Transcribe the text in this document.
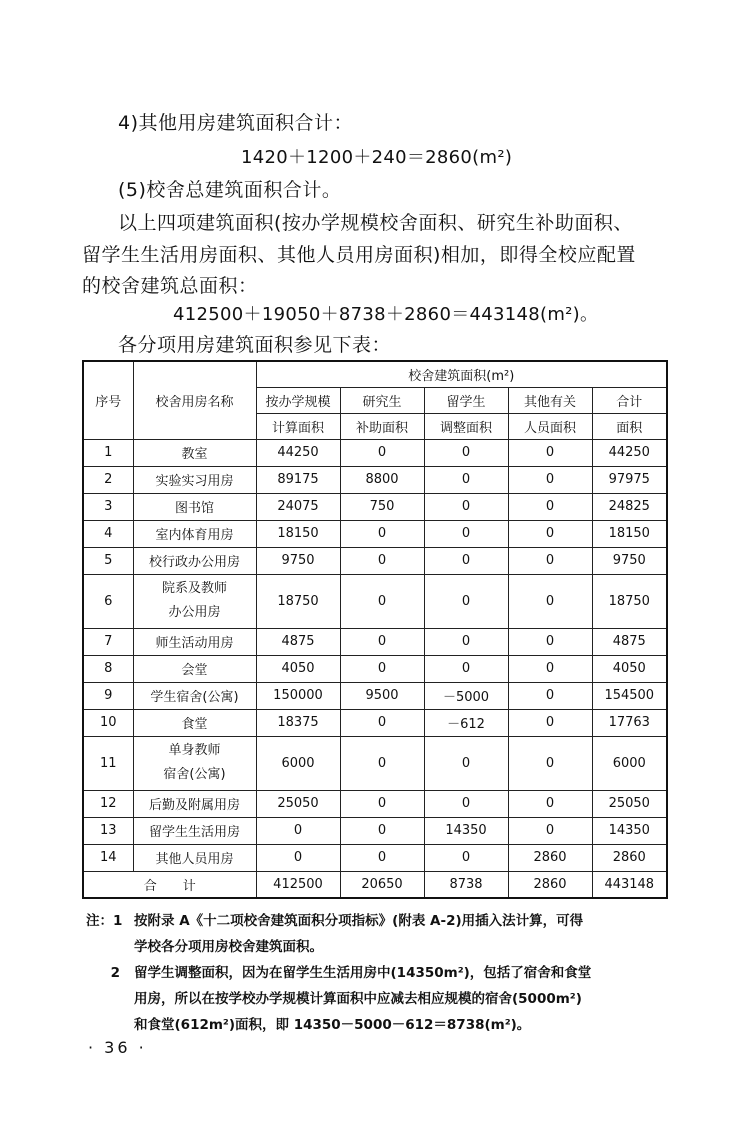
4)其他用房建筑面积合计：
1420＋1200＋240＝2860(m²)
(5)校舍总建筑面积合计。
以上四项建筑面积(按办学规模校舍面积、研究生补助面积、
留学生生活用房面积、其他人员用房面积)相加，即得全校应配置
的校舍建筑总面积：
412500＋19050＋8738＋2860＝443148(m²)。
各分项用房建筑面积参见下表：
序号	校舍用房名称	校舍建筑面积(m²)				
		按办学规模	研究生	留学生	其他有关	合计
		计算面积	补助面积	调整面积	人员面积	面积
1	教室	44250	0	0	0	44250
2	实验实习用房	89175	8800	0	0	97975
3	图书馆	24075	750	0	0	24825
4	室内体育用房	18150	0	0	0	18150
5	校行政办公用房	9750	0	0	0	9750
6	院系及教师
办公用房	18750	0	0	0	18750
7	师生活动用房	4875	0	0	0	4875
8	会堂	4050	0	0	0	4050
9	学生宿舍(公寓)	150000	9500	－5000	0	154500
10	食堂	18375	0	－612	0	17763
11	单身教师
宿舍(公寓)	6000	0	0	0	6000
12	后勤及附属用房	25050	0	0	0	25050
13	留学生生活用房	0	0	14350	0	14350
14	其他人员用房	0	0	0	2860	2860
合　　计		412500	20650	8738	2860	443148
注：1 按附录 A《十二项校舍建筑面积分项指标》(附表 A-2)用插入法计算，可得
学校各分项用房校舍建筑面积。
2	留学生调整面积，因为在留学生生活用房中(14350m²)，包括了宿舍和食堂
用房，所以在按学校办学规模计算面积中应减去相应规模的宿舍(5000m²)
和食堂(612m²)面积，即 14350－5000－612＝8738(m²)。
· 36 ·
